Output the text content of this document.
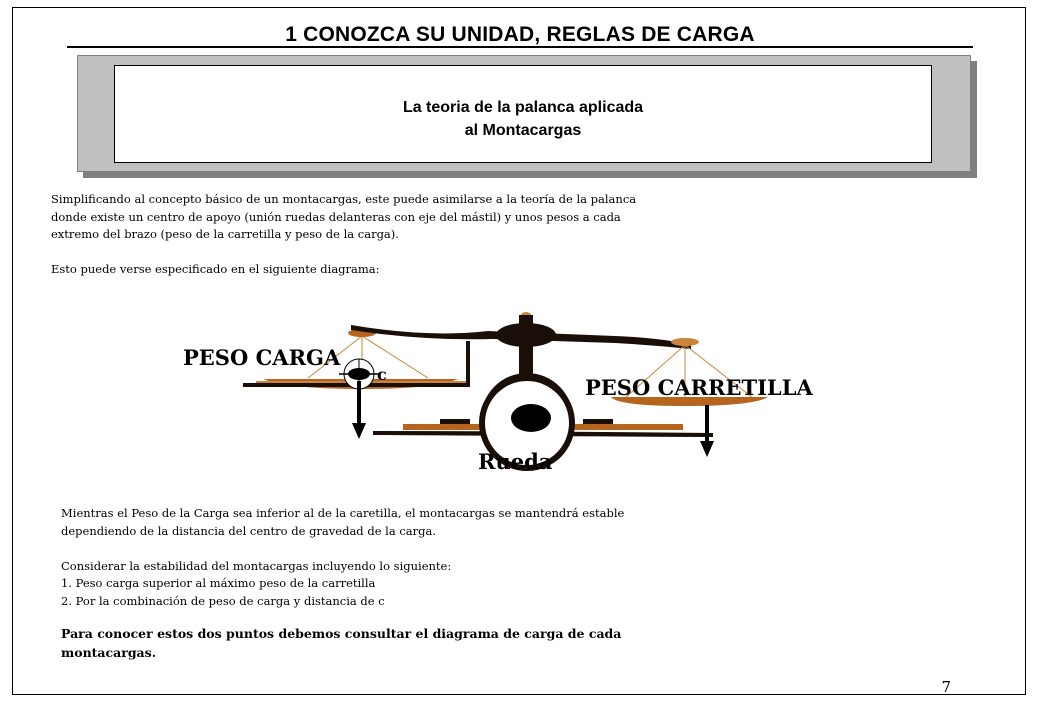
1 CONOZCA SU UNIDAD, REGLAS DE CARGA
La teoria de la palanca aplicada
al Montacargas
Simplificando al concepto básico de un montacargas, este puede asimilarse a la teoría de la palanca
donde existe un centro de apoyo (unión ruedas delanteras con eje del mástil) y unos pesos a cada
extremo del brazo (peso de la carretilla y peso de la carga).
Esto puede verse especificado en el siguiente diagrama:
PESO CARGA
c
PESO CARRETILLA
Rueda
Mientras el Peso de la Carga sea inferior al de la caretilla, el montacargas se mantendrá estable
dependiendo de la distancia del centro de gravedad de la carga.
Considerar la estabilidad del montacargas incluyendo lo siguiente:
1. Peso carga superior al máximo peso de la carretilla
2. Por la combinación de peso de carga y distancia de c
Para conocer estos dos puntos debemos consultar el diagrama de carga de cada
montacargas.
7
